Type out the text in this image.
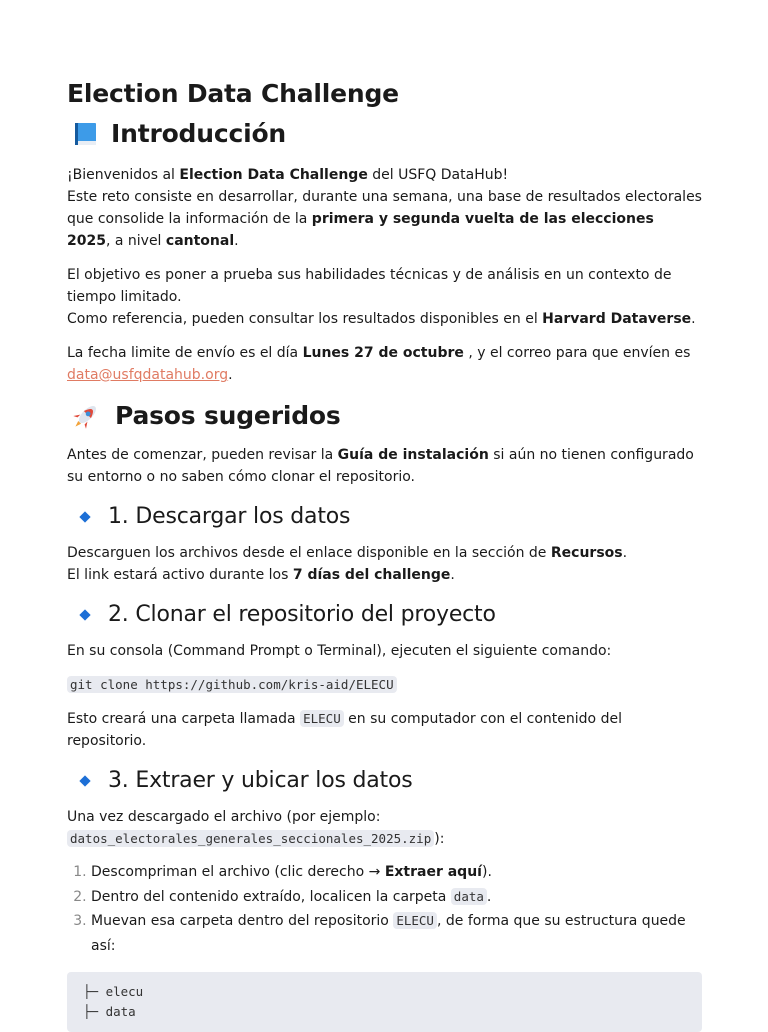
Election Data Challenge
Introducción

¡Bienvenidos al Election Data Challenge del USFQ DataHub!
Este reto consiste en desarrollar, durante una semana, una base de resultados electorales que consolide la información de la primera y segunda vuelta de las elecciones 2025, a nivel cantonal.

El objetivo es poner a prueba sus habilidades técnicas y de análisis en un contexto de tiempo limitado.
Como referencia, pueden consultar los resultados disponibles en el Harvard Dataverse.

La fecha limite de envío es el día Lunes 27 de octubre , y el correo para que envíen es
data@usfqdatahub.org.

Pasos sugeridos

Antes de comenzar, pueden revisar la Guía de instalación si aún no tienen configurado su entorno o no saben cómo clonar el repositorio.

1. Descargar los datos

Descarguen los archivos desde el enlace disponible en la sección de Recursos.
El link estará activo durante los 7 días del challenge.

2. Clonar el repositorio del proyecto

En su consola (Command Prompt o Terminal), ejecuten el siguiente comando:

git clone https://github.com/kris-aid/ELECU

Esto creará una carpeta llamada ELECU en su computador con el contenido del repositorio.

3. Extraer y ubicar los datos

Una vez descargado el archivo (por ejemplo:
datos_electorales_generales_seccionales_2025.zip ):

1. Descompriman el archivo (clic derecho → Extraer aquí).
2. Dentro del contenido extraído, localicen la carpeta data .
3. Muevan esa carpeta dentro del repositorio ELECU , de forma que su estructura quede así:
├─ elecu
├─ data
